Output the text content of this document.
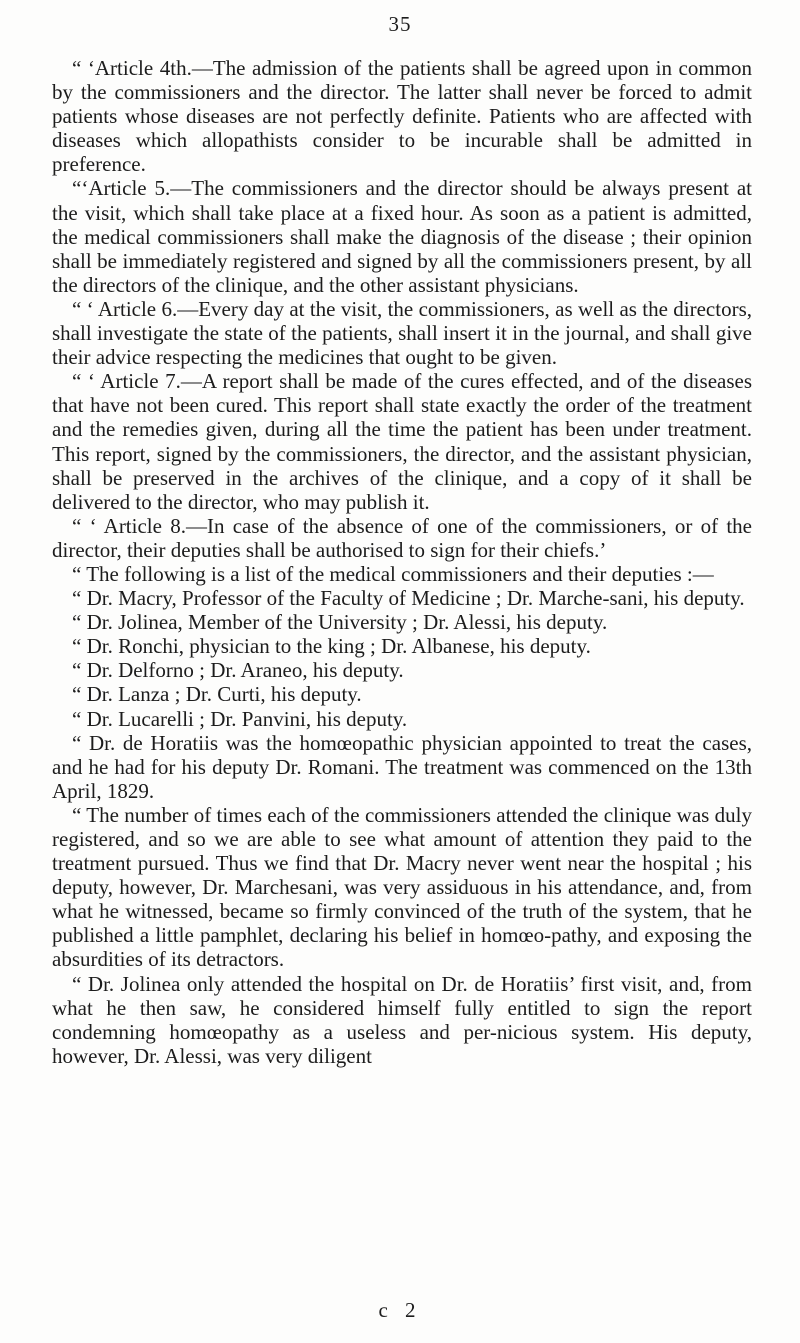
35

“ ‘Article 4th.—The admission of the patients shall be agreed upon in common by the commissioners and the director. The latter shall never be forced to admit patients whose diseases are not perfectly definite. Patients who are affected with diseases which allopathists consider to be incurable shall be admitted in preference.

“‘Article 5.—The commissioners and the director should be always present at the visit, which shall take place at a fixed hour. As soon as a patient is admitted, the medical commissioners shall make the diagnosis of the disease ; their opinion shall be immediately registered and signed by all the commissioners present, by all the directors of the clinique, and the other assistant physicians.

“ ‘ Article 6.—Every day at the visit, the commissioners, as well as the directors, shall investigate the state of the patients, shall insert it in the journal, and shall give their advice respecting the medicines that ought to be given.

“ ‘ Article 7.—A report shall be made of the cures effected, and of the diseases that have not been cured. This report shall state exactly the order of the treatment and the remedies given, during all the time the patient has been under treatment. This report, signed by the commissioners, the director, and the assistant physician, shall be preserved in the archives of the clinique, and a copy of it shall be delivered to the director, who may publish it.

“ ‘ Article 8.—In case of the absence of one of the commissioners, or of the director, their deputies shall be authorised to sign for their chiefs.’

“ The following is a list of the medical commissioners and their deputies :—

“ Dr. Macry, Professor of the Faculty of Medicine ; Dr. Marche-sani, his deputy.

“ Dr. Jolinea, Member of the University ; Dr. Alessi, his deputy.

“ Dr. Ronchi, physician to the king ; Dr. Albanese, his deputy.

“ Dr. Delforno ; Dr. Araneo, his deputy.

“ Dr. Lanza ; Dr. Curti, his deputy.

“ Dr. Lucarelli ; Dr. Panvini, his deputy.

“ Dr. de Horatiis was the homœopathic physician appointed to treat the cases, and he had for his deputy Dr. Romani. The treatment was commenced on the 13th April, 1829.

“ The number of times each of the commissioners attended the clinique was duly registered, and so we are able to see what amount of attention they paid to the treatment pursued. Thus we find that Dr. Macry never went near the hospital ; his deputy, however, Dr. Marchesani, was very assiduous in his attendance, and, from what he witnessed, became so firmly convinced of the truth of the system, that he published a little pamphlet, declaring his belief in homœo-pathy, and exposing the absurdities of its detractors.

“ Dr. Jolinea only attended the hospital on Dr. de Horatiis’ first visit, and, from what he then saw, he considered himself fully entitled to sign the report condemning homœopathy as a useless and per-nicious system. His deputy, however, Dr. Alessi, was very diligent

c 2
